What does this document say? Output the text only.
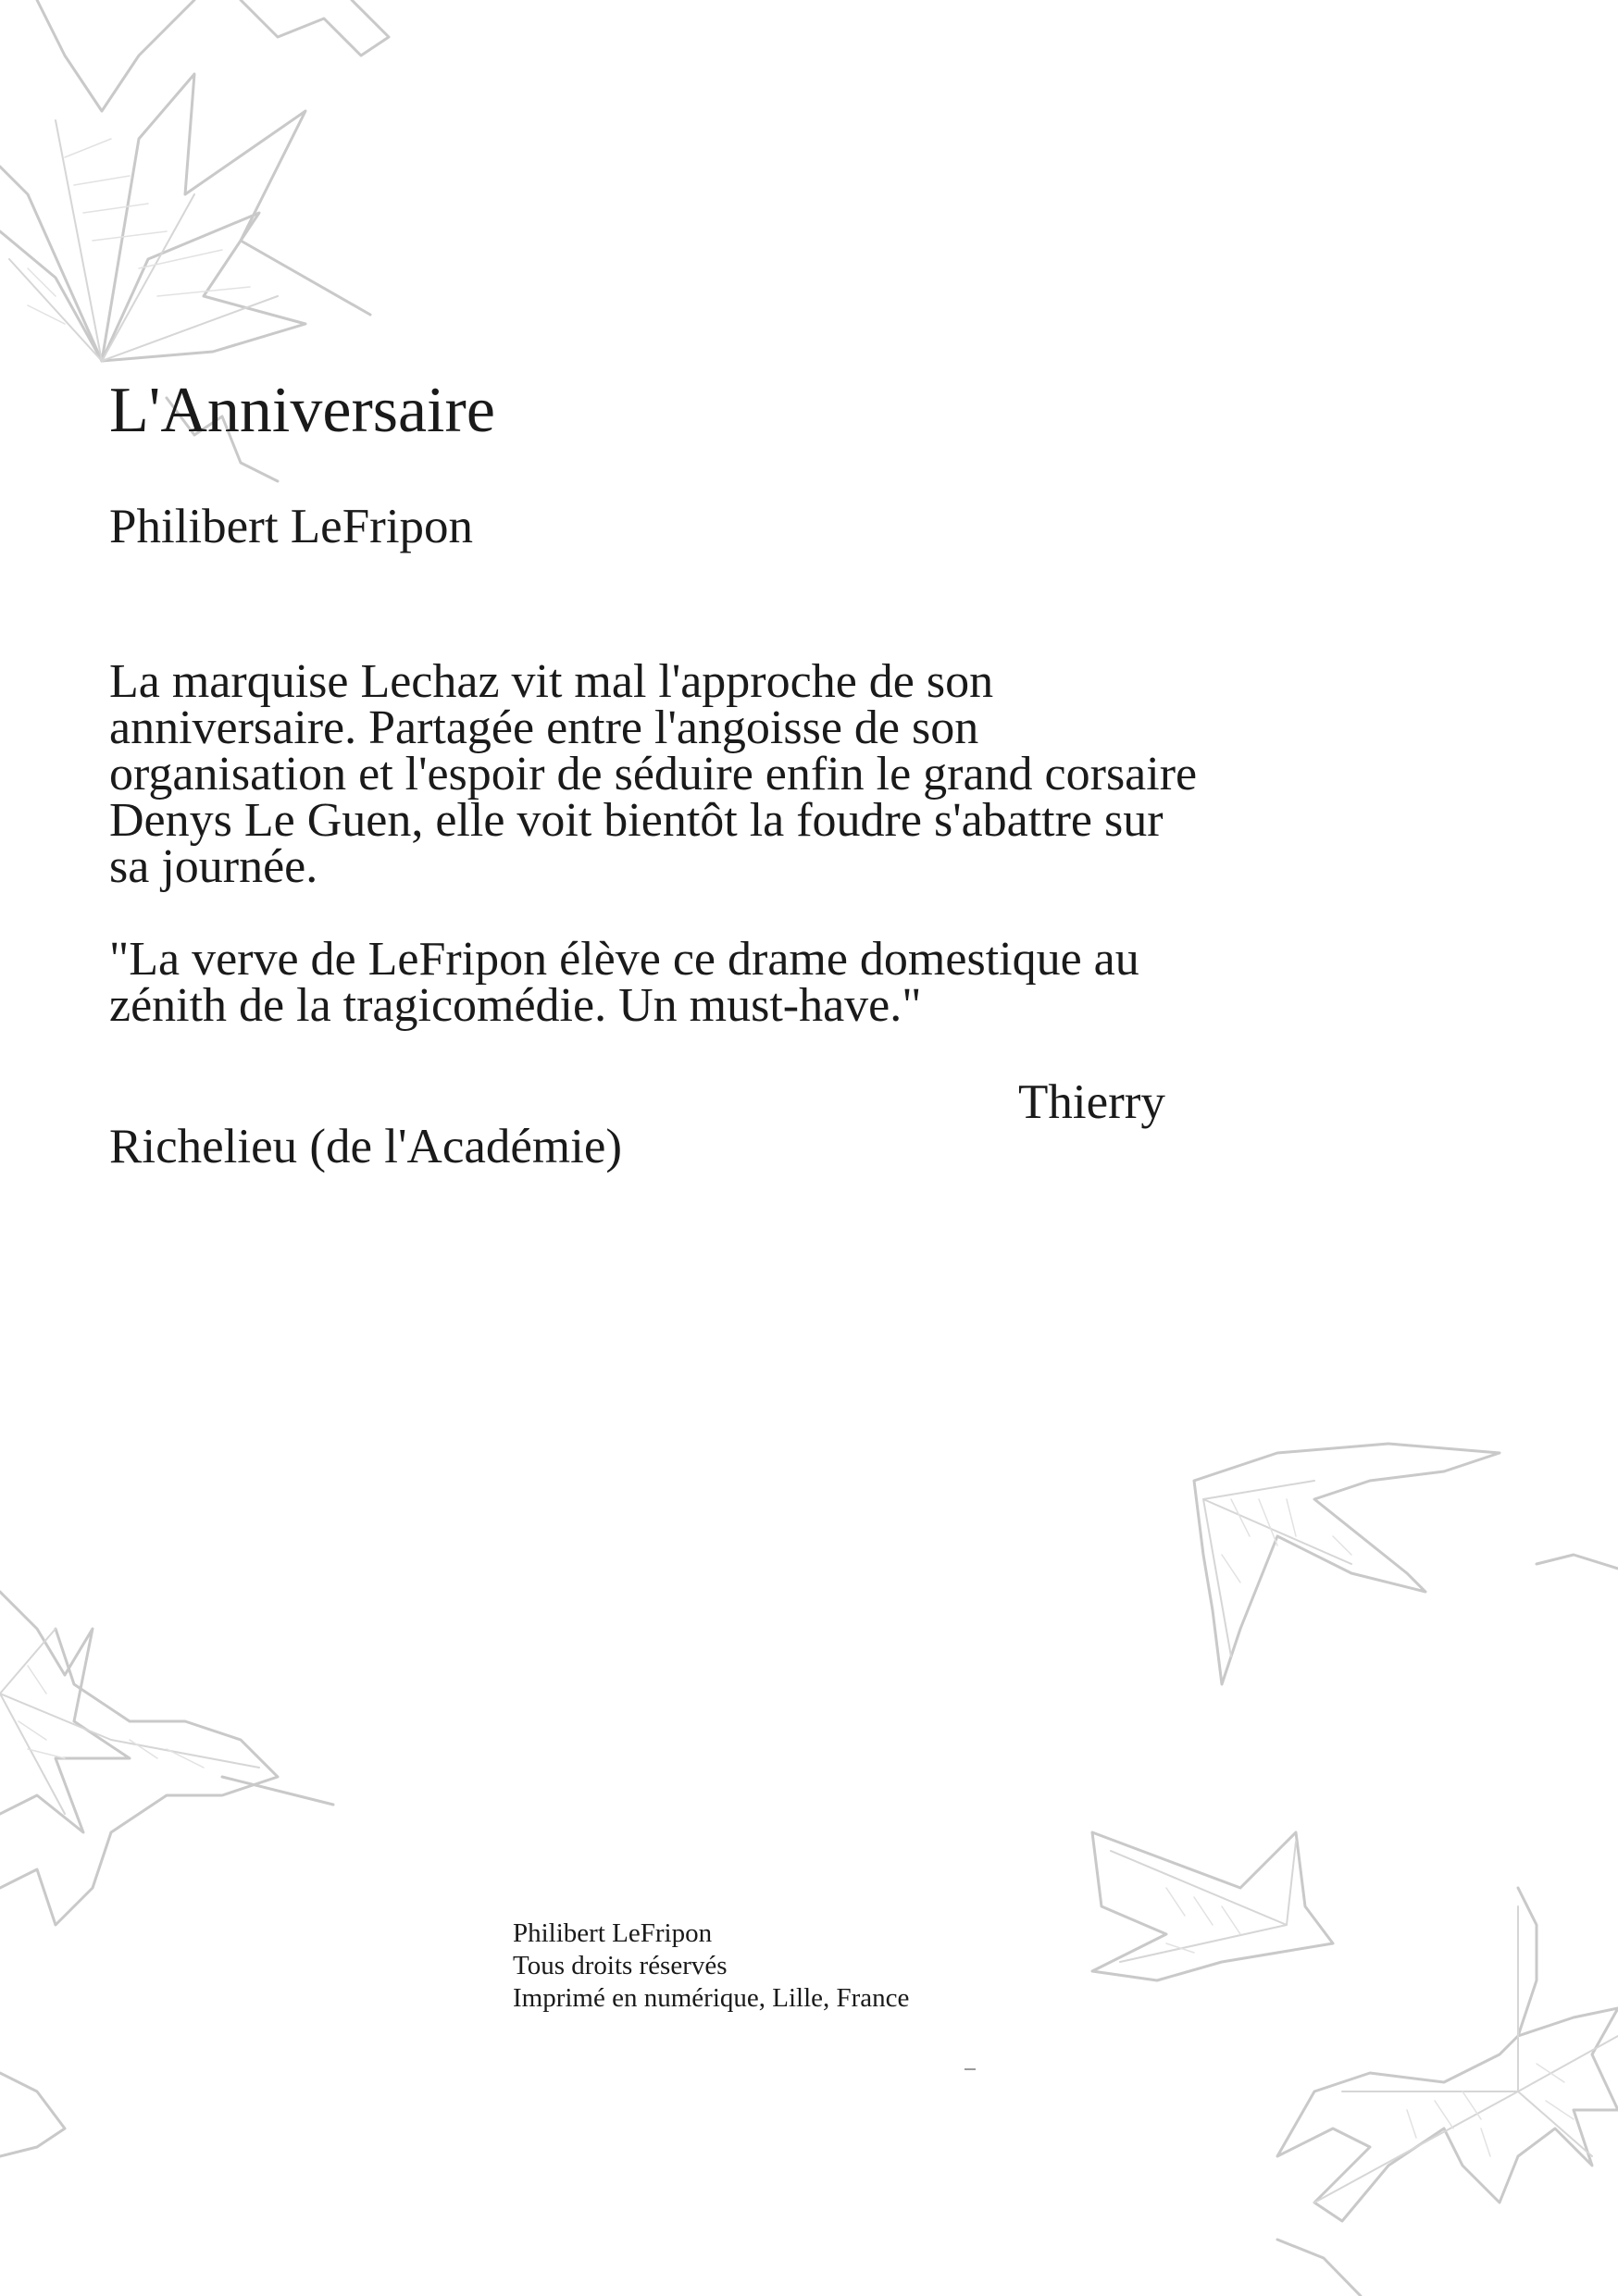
L'Anniversaire

Philibert LeFripon

La marquise Lechaz vit mal l'approche de son anniversaire. Partagée entre l'angoisse de son organisation et l'espoir de séduire enfin le grand corsaire Denys Le Guen, elle voit bientôt la foudre s'abattre sur sa journée.

"La verve de LeFripon élève ce drame domestique au zénith de la tragicomédie. Un must-have."

Thierry

Richelieu (de l'Académie)

Philibert LeFripon
Tous droits réservés
Imprimé en numérique, Lille, France
